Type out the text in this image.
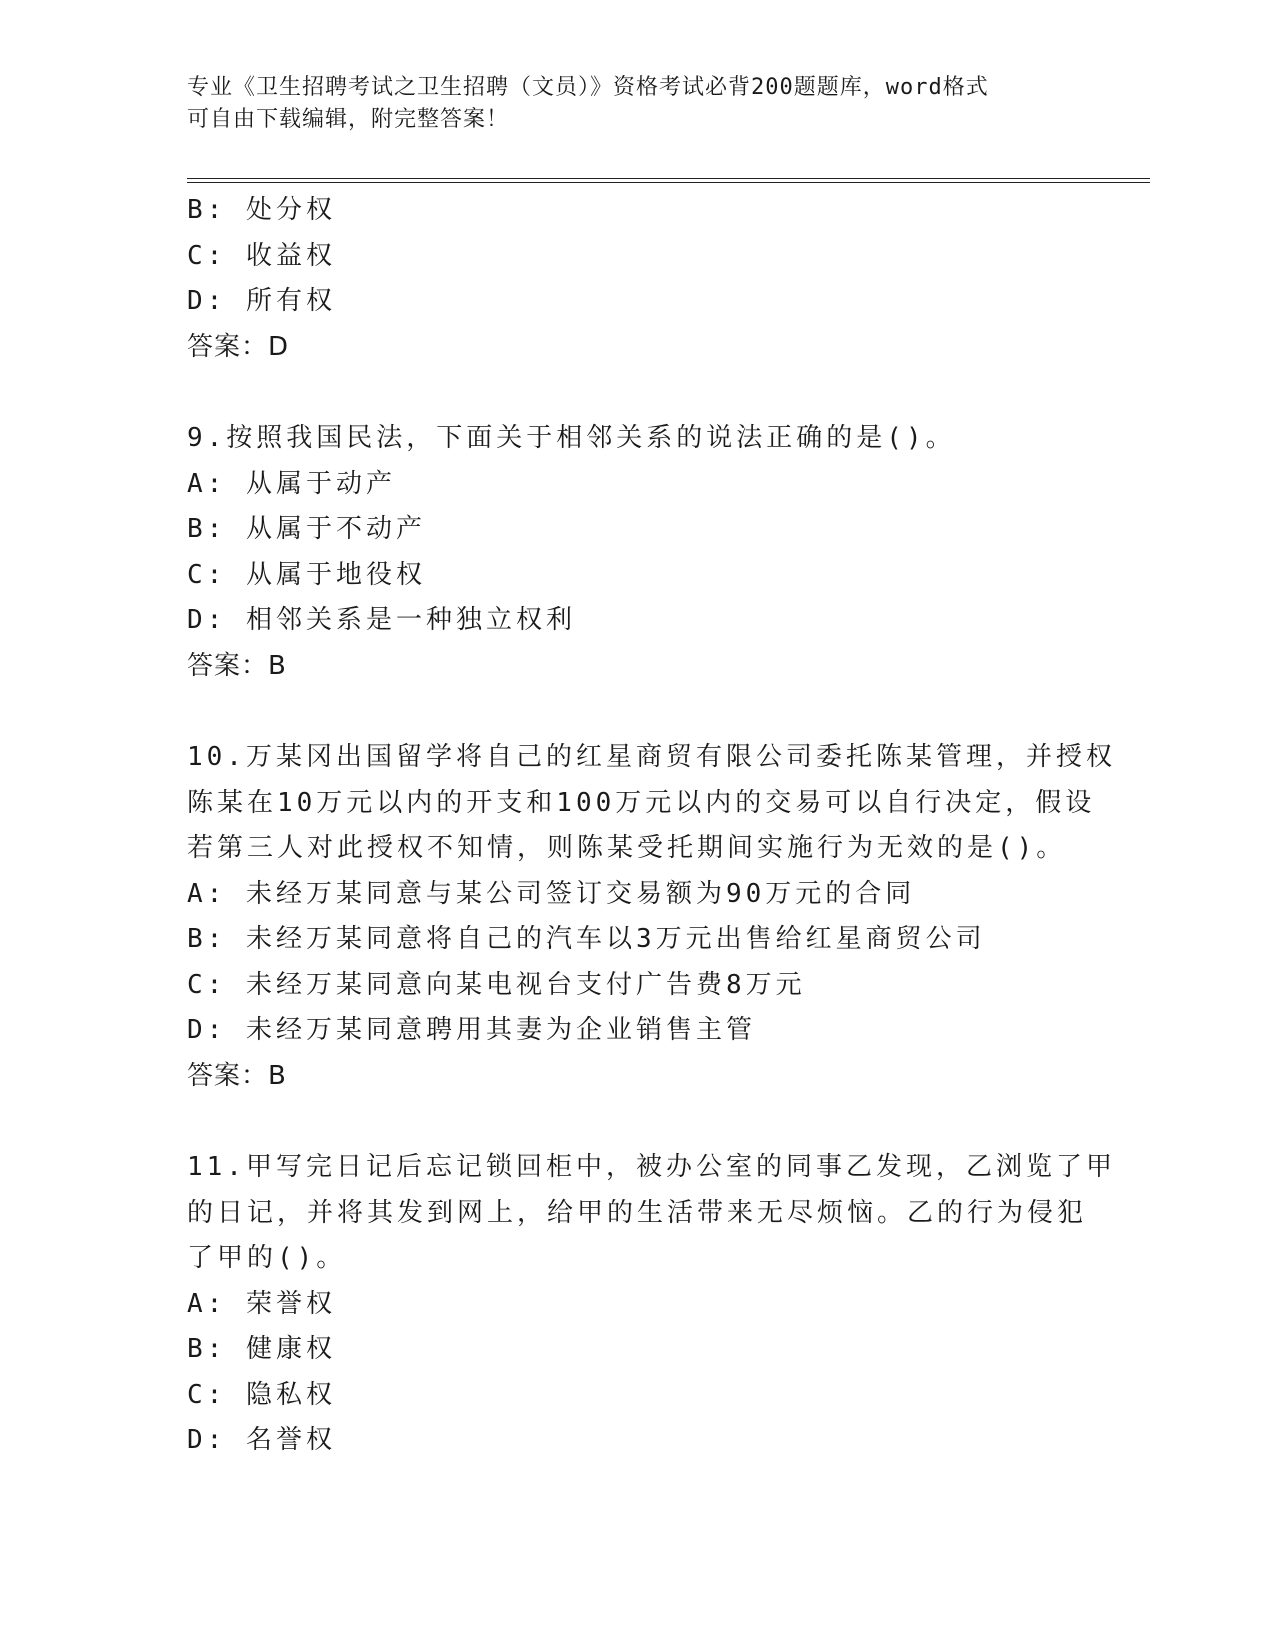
专业《卫生招聘考试之卫生招聘（文员）》资格考试必背200题题库，word格式
可自由下载编辑，附完整答案！
B: 处分权
C: 收益权
D: 所有权
答案：D
9.按照我国民法，下面关于相邻关系的说法正确的是()。
A: 从属于动产
B: 从属于不动产
C: 从属于地役权
D: 相邻关系是一种独立权利
答案：B
10.万某冈出国留学将自己的红星商贸有限公司委托陈某管理，并授权
陈某在10万元以内的开支和100万元以内的交易可以自行决定，假设
若第三人对此授权不知情，则陈某受托期间实施行为无效的是()。
A: 未经万某同意与某公司签订交易额为90万元的合同
B: 未经万某同意将自己的汽车以3万元出售给红星商贸公司
C: 未经万某同意向某电视台支付广告费8万元
D: 未经万某同意聘用其妻为企业销售主管
答案：B
11.甲写完日记后忘记锁回柜中，被办公室的同事乙发现，乙浏览了甲
的日记，并将其发到网上，给甲的生活带来无尽烦恼。乙的行为侵犯
了甲的()。
A: 荣誉权
B: 健康权
C: 隐私权
D: 名誉权
